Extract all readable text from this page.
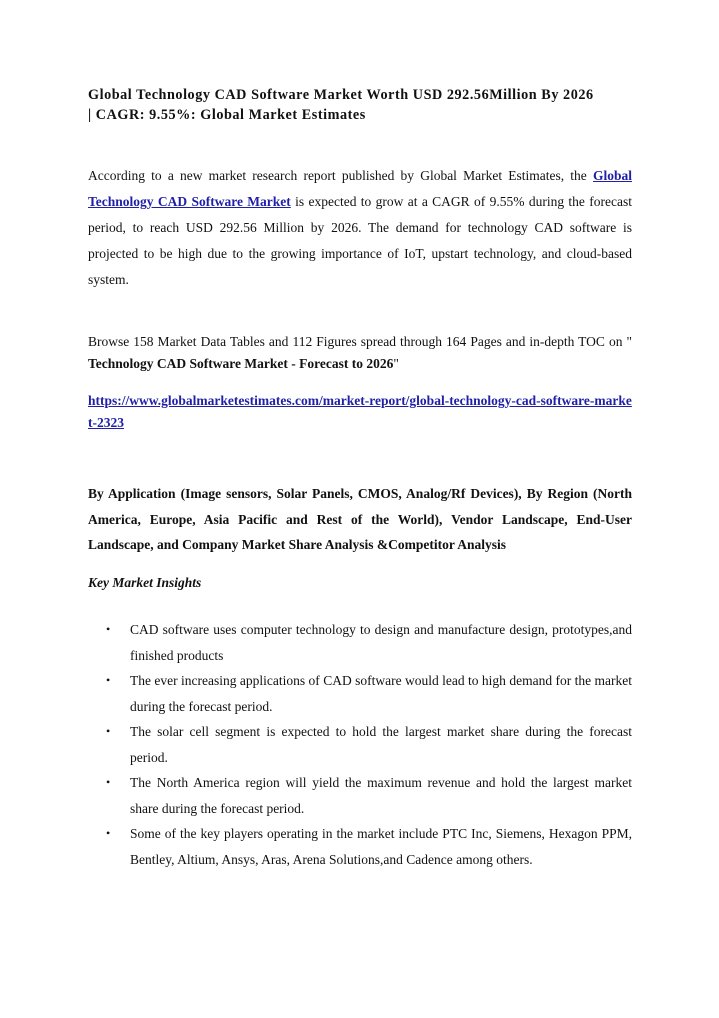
Global Technology CAD Software Market Worth USD 292.56Million By 2026
| CAGR: 9.55%: Global Market Estimates

According to a new market research report published by Global Market Estimates, the Global Technology CAD Software Market is expected to grow at a CAGR of 9.55% during the forecast period, to reach USD 292.56 Million by 2026. The demand for technology CAD software is projected to be high due to the growing importance of IoT, upstart technology, and cloud-based system.

Browse 158 Market Data Tables and 112 Figures spread through 164 Pages and in-depth TOC on " Technology CAD Software Market - Forecast to 2026"

https://www.globalmarketestimates.com/market-report/global-technology-cad-software-market-2323

By Application (Image sensors, Solar Panels, CMOS, Analog/Rf Devices), By Region (North America, Europe, Asia Pacific and Rest of the World), Vendor Landscape, End-User Landscape, and Company Market Share Analysis &Competitor Analysis

Key Market Insights

• CAD software uses computer technology to design and manufacture design, prototypes,and finished products
• The ever increasing applications of CAD software would lead to high demand for the market during the forecast period.
• The solar cell segment is expected to hold the largest market share during the forecast period.
• The North America region will yield the maximum revenue and hold the largest market share during the forecast period.
• Some of the key players operating in the market include PTC Inc, Siemens, Hexagon PPM, Bentley, Altium, Ansys, Aras, Arena Solutions,and Cadence among others.
